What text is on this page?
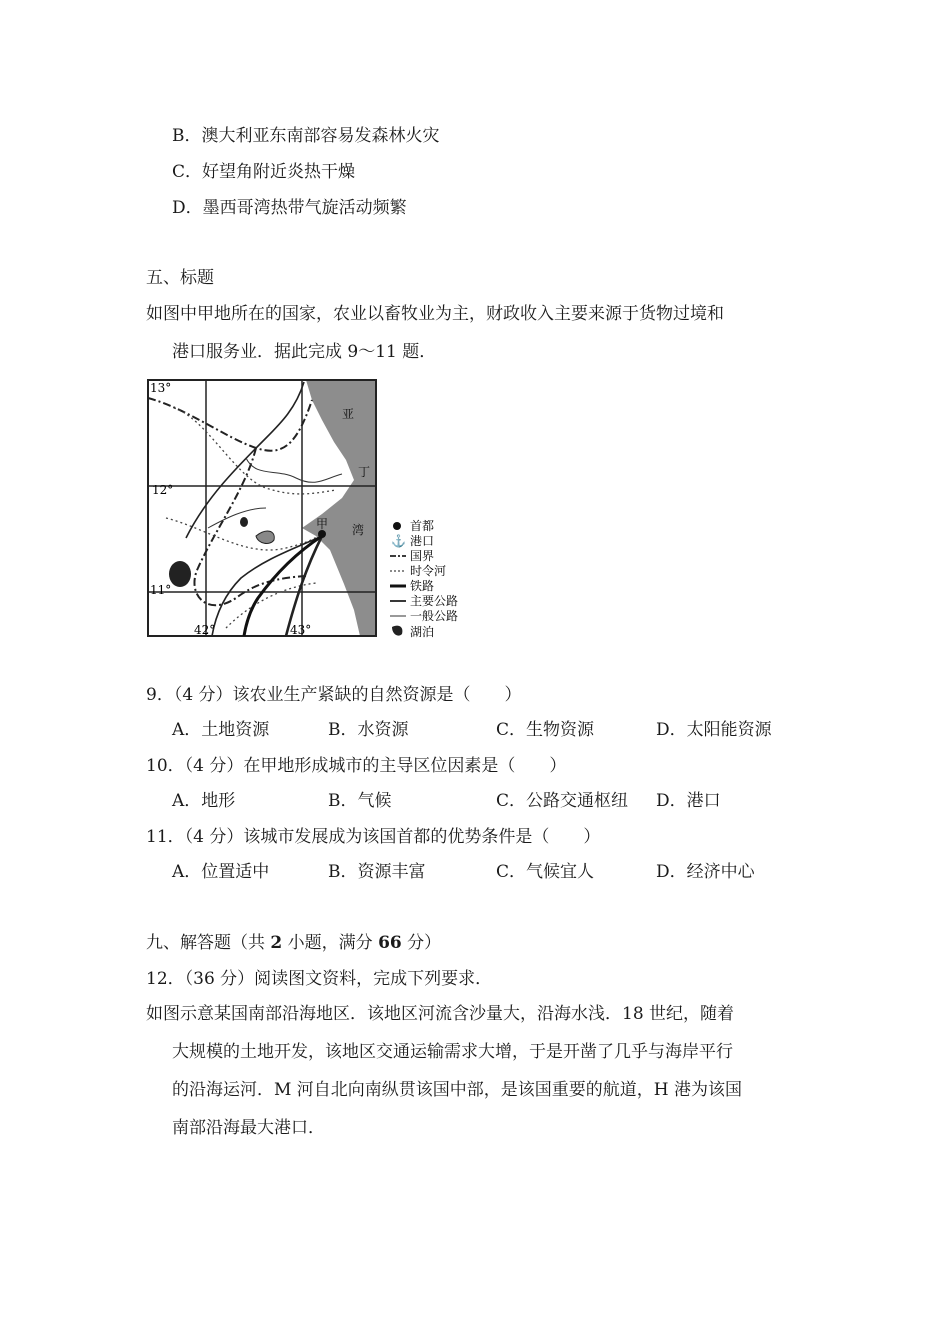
B．澳大利亚东南部容易发森林火灾
C．好望角附近炎热干燥
D．墨西哥湾热带气旋活动频繁
五、标题
如图中甲地所在的国家，农业以畜牧业为主，财政收入主要来源于货物过境和
港口服务业．据此完成 9～11 题．
13°
12°
11°
42°	43°
亚
丁
湾
甲	首都
⚓ 港口
国界
时令河
铁路
主要公路
一般公路
湖泊
9．（4 分）该农业生产紧缺的自然资源是（　　）
A．土地资源	B．水资源	C．生物资源	D．太阳能资源
10．（4 分）在甲地形成城市的主导区位因素是（　　）
A．地形	B．气候	C．公路交通枢纽 D．港口
11．（4 分）该城市发展成为该国首都的优势条件是（　　）
A．位置适中	B．资源丰富	C．气候宜人	D．经济中心
九、解答题（共 2 小题，满分 66 分）
12．（36 分）阅读图文资料，完成下列要求．
如图示意某国南部沿海地区．该地区河流含沙量大，沿海水浅．18 世纪，随着
大规模的土地开发，该地区交通运输需求大增，于是开凿了几乎与海岸平行
的沿海运河．M 河自北向南纵贯该国中部，是该国重要的航道，H 港为该国
南部沿海最大港口．
